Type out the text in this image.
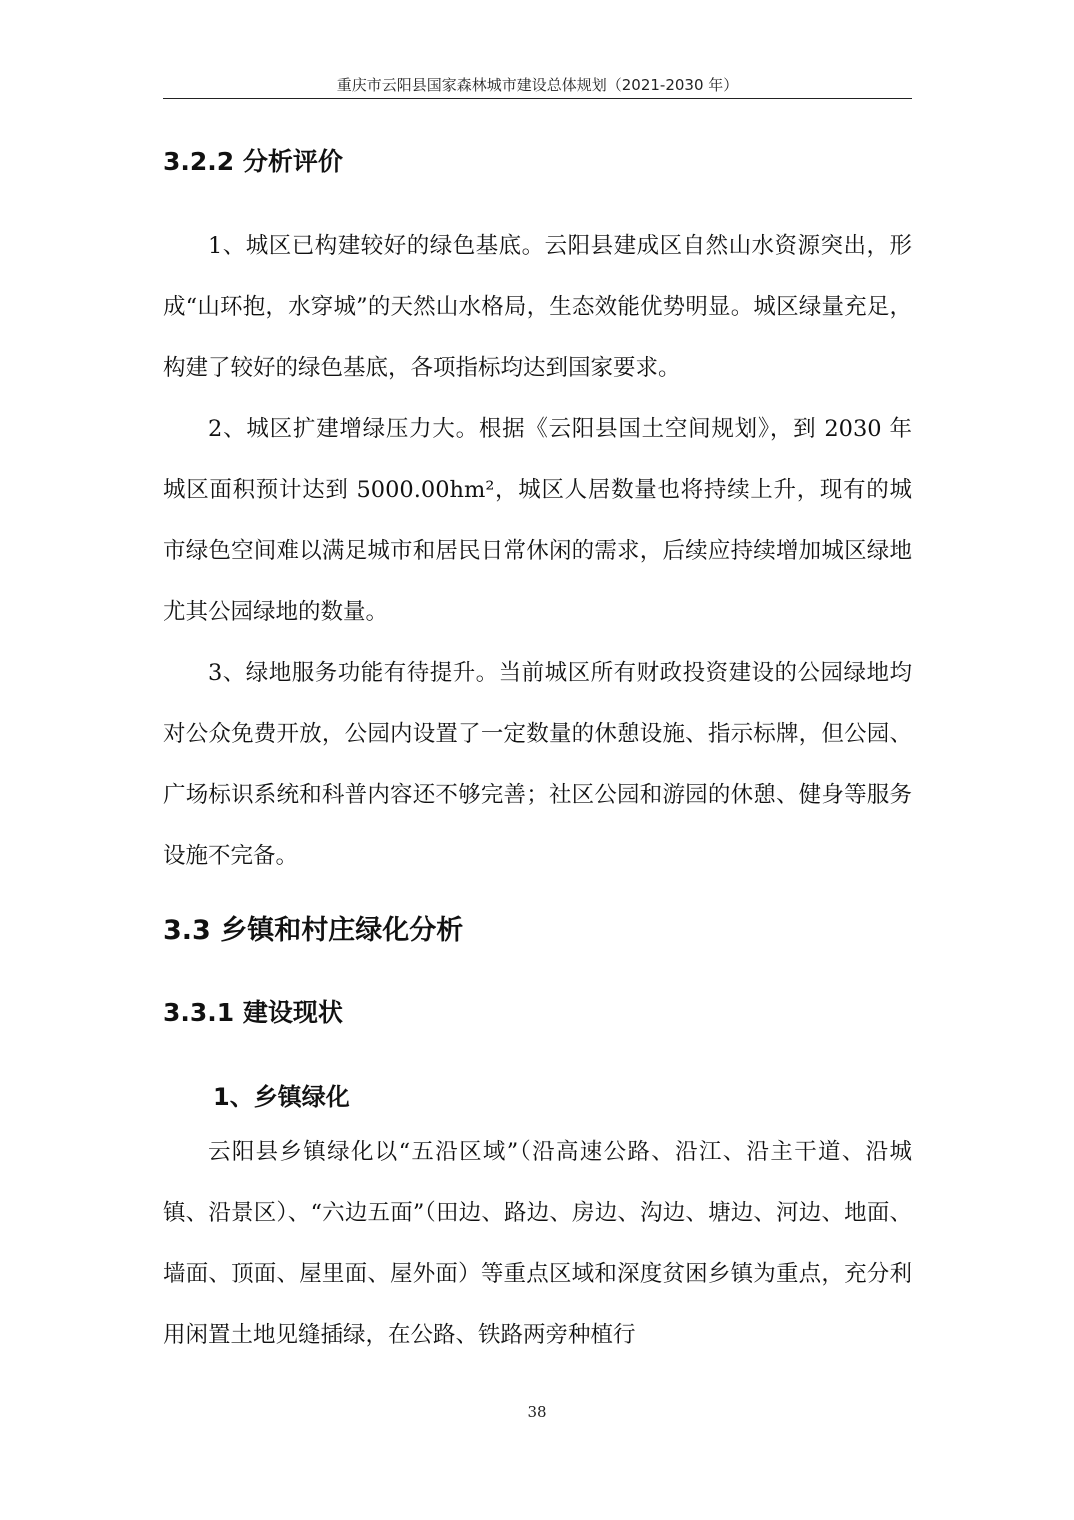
重庆市云阳县国家森林城市建设总体规划（2021-2030 年）
3.2.2 分析评价

1、城区已构建较好的绿色基底。云阳县建成区自然山水资源突出，形成“山环抱，水穿城”的天然山水格局，生态效能优势明显。城区绿量充足，构建了较好的绿色基底，各项指标均达到国家要求。

2、城区扩建增绿压力大。根据《云阳县国土空间规划》，到 2030 年城区面积预计达到 5000.00hm²，城区人居数量也将持续上升，现有的城市绿色空间难以满足城市和居民日常休闲的需求，后续应持续增加城区绿地尤其公园绿地的数量。

3、绿地服务功能有待提升。当前城区所有财政投资建设的公园绿地均对公众免费开放，公园内设置了一定数量的休憩设施、指示标牌，但公园、广场标识系统和科普内容还不够完善；社区公园和游园的休憩、健身等服务设施不完备。

3.3 乡镇和村庄绿化分析
3.3.1 建设现状
1、乡镇绿化

云阳县乡镇绿化以“五沿区域”（沿高速公路、沿江、沿主干道、沿城镇、沿景区）、“六边五面”（田边、路边、房边、沟边、塘边、河边、地面、墙面、顶面、屋里面、屋外面）等重点区域和深度贫困乡镇为重点，充分利用闲置土地见缝插绿，在公路、铁路两旁种植行

38
